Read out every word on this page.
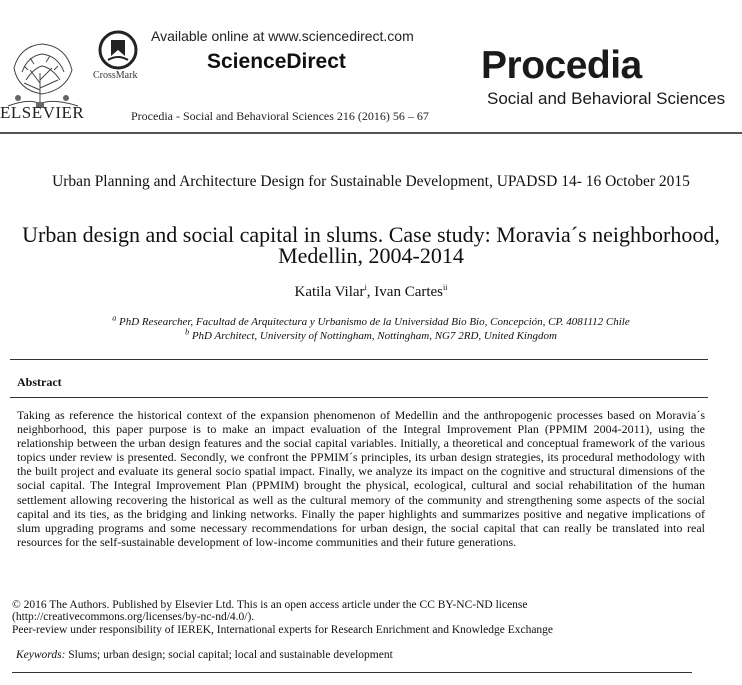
ELSEVIER
CrossMark
Available online at www.sciencedirect.com
ScienceDirect
Procedia - Social and Behavioral Sciences 216 (2016) 56 – 67
Procedia
Social and Behavioral Sciences
Urban Planning and Architecture Design for Sustainable Development, UPADSD 14- 16 October 2015
Urban design and social capital in slums. Case study: Moravia´s neighborhood, Medellin, 2004-2014
Katila Vilar$^i$, Ivan Cartes$^{ii}$
$^a$ PhD Researcher, Facultad de Arquitectura y Urbanismo de la Universidad Bio Bio, Concepción, CP. 4081112 Chile
$^b$ PhD Architect, University of Nottingham, Nottingham, NG7 2RD, United Kingdom
Abstract
Taking as reference the historical context of the expansion phenomenon of Medellin and the anthropogenic processes based on Moravia´s neighborhood, this paper purpose is to make an impact evaluation of the Integral Improvement Plan (PPMIM 2004-2011), using the relationship between the urban design features and the social capital variables. Initially, a theoretical and conceptual framework of the various topics under review is presented. Secondly, we confront the PPMIM´s principles, its urban design strategies, its procedural methodology with the built project and evaluate its general socio spatial impact. Finally, we analyze its impact on the cognitive and structural dimensions of the social capital. The Integral Improvement Plan (PPMIM) brought the physical, ecological, cultural and social rehabilitation of the human settlement allowing recovering the historical as well as the cultural memory of the community and strengthening some aspects of the social capital and its ties, as the bridging and linking networks. Finally the paper highlights and summarizes positive and negative implications of slum upgrading programs and some necessary recommendations for urban design, the social capital that can really be translated into real resources for the self-sustainable development of low-income communities and their future generations.
© 2016 The Authors. Published by Elsevier Ltd. This is an open access article under the CC BY-NC-ND license
(http://creativecommons.org/licenses/by-nc-nd/4.0/).
Peer-review under responsibility of IEREK, International experts for Research Enrichment and Knowledge Exchange
Keywords: Slums; urban design; social capital; local and sustainable development
